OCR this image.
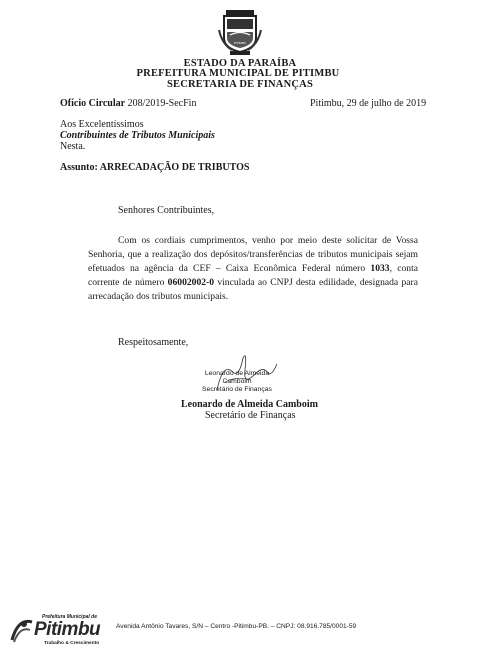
PITIMBU
ESTADO DA PARAÍBA
PREFEITURA MUNICIPAL DE PITIMBU
SECRETARIA DE FINANÇAS
Ofício Circular 208/2019-SecFin	Pitimbu, 29 de julho de 2019
Aos Excelentíssimos
Contribuintes de Tributos Municipais
Nesta.
Assunto: ARRECADAÇÃO DE TRIBUTOS
Senhores Contribuintes,
Com os cordiais cumprimentos, venho por meio deste solicitar de Vossa Senhoria, que a realização dos depósitos/transferências de tributos municipais sejam efetuados na agência da CEF – Caixa Econômica Federal número 1033, conta corrente de número 06002002-0 vinculada ao CNPJ desta edilidade, designada para arrecadação dos tributos municipais.
Respeitosamente,
Leonardo de Almeida Camboim
Secretário de Finanças
Leonardo de Almeida Camboim
Secretário de Finanças
Prefeitura Municipal de
Pitimbu
Trabalho & Crescimento
Avenida Antônio Tavares, S/N – Centro -Pitimbu-PB. – CNPJ: 08.916.785/0001-59
